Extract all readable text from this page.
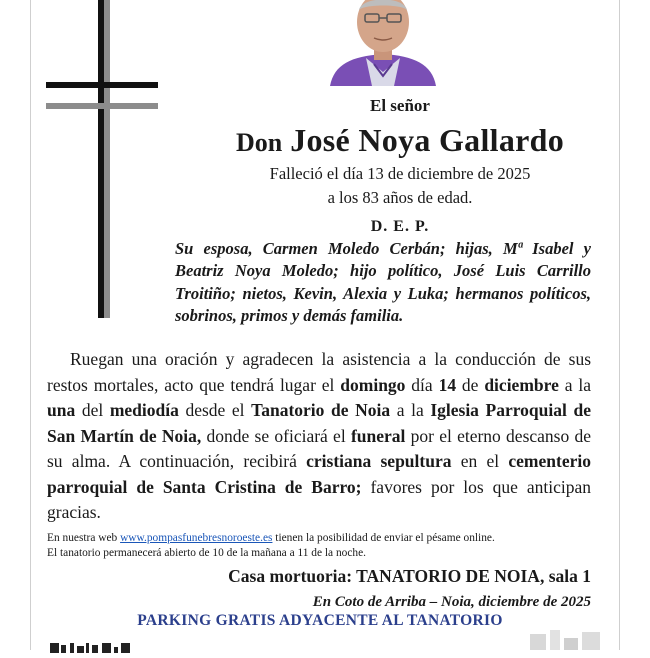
El señor
Don José Noya Gallardo
Falleció el día 13 de diciembre de 2025
a los 83 años de edad.
D. E. P.
Su esposa, Carmen Moledo Cerbán; hijas, Mª Isabel y Beatriz Noya Moledo; hijo político, José Luis Carrillo Troitiño; nietos, Kevin, Alexia y Luka; hermanos políticos, sobrinos, primos y demás familia.

Ruegan una oración y agradecen la asistencia a la conducción de sus restos mortales, acto que tendrá lugar el domingo día 14 de diciembre a la una del mediodía desde el Tanatorio de Noia a la Iglesia Parroquial de San Martín de Noia, donde se oficiará el funeral por el eterno descanso de su alma. A continuación, recibirá cristiana sepultura en el cementerio parroquial de Santa Cristina de Barro; favores por los que anticipan gracias.

En nuestra web www.pompasfunebresnoroeste.es tienen la posibilidad de enviar el pésame online.
El tanatorio permanecerá abierto de 10 de la mañana a 11 de la noche.
Casa mortuoria: TANATORIO DE NOIA, sala 1
En Coto de Arriba – Noia, diciembre de 2025
PARKING GRATIS ADYACENTE AL TANATORIO
